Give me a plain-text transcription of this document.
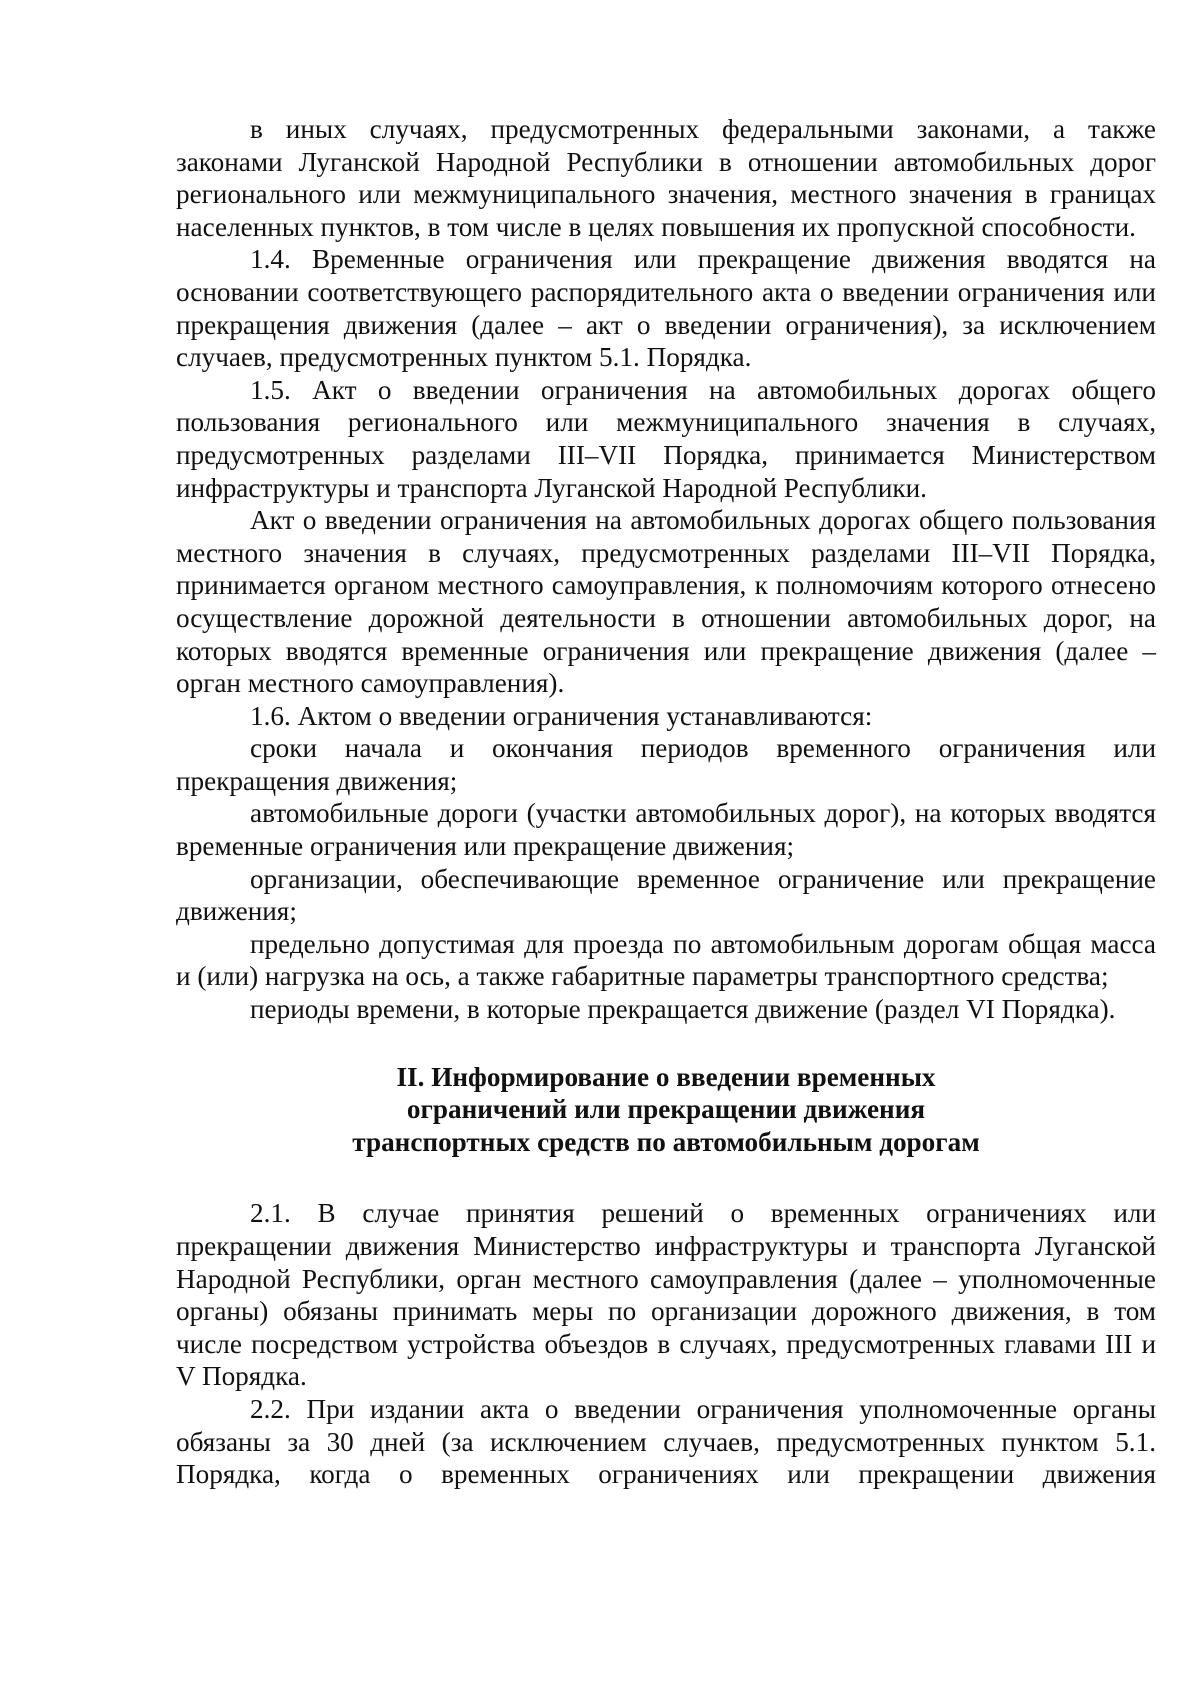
в иных случаях, предусмотренных федеральными законами, а также законами Луганской Народной Республики в отношении автомобильных дорог регионального или межмуниципального значения, местного значения в границах населенных пунктов, в том числе в целях повышения их пропускной способности.

1.4. Временные ограничения или прекращение движения вводятся на основании соответствующего распорядительного акта о введении ограничения или прекращения движения (далее – акт о введении ограничения), за исключением случаев, предусмотренных пунктом 5.1. Порядка.

1.5. Акт о введении ограничения на автомобильных дорогах общего пользования регионального или межмуниципального значения в случаях, предусмотренных разделами III–VII Порядка, принимается Министерством инфраструктуры и транспорта Луганской Народной Республики.

Акт о введении ограничения на автомобильных дорогах общего пользования местного значения в случаях, предусмотренных разделами III–VII Порядка, принимается органом местного самоуправления, к полномочиям которого отнесено осуществление дорожной деятельности в отношении автомобильных дорог, на которых вводятся временные ограничения или прекращение движения (далее – орган местного самоуправления).

1.6. Актом о введении ограничения устанавливаются:

сроки начала и окончания периодов временного ограничения или прекращения движения;

автомобильные дороги (участки автомобильных дорог), на которых вводятся временные ограничения или прекращение движения;

организации, обеспечивающие временное ограничение или прекращение движения;

предельно допустимая для проезда по автомобильным дорогам общая масса и (или) нагрузка на ось, а также габаритные параметры транспортного средства;

периоды времени, в которые прекращается движение (раздел VI Порядка).

II. Информирование о введении временных
ограничений или прекращении движения
транспортных средств по автомобильным дорогам

2.1. В случае принятия решений о временных ограничениях или прекращении движения Министерство инфраструктуры и транспорта Луганской Народной Республики, орган местного самоуправления (далее – уполномоченные органы) обязаны принимать меры по организации дорожного движения, в том числе посредством устройства объездов в случаях, предусмотренных главами III и V Порядка.

2.2. При издании акта о введении ограничения уполномоченные органы обязаны за 30 дней (за исключением случаев, предусмотренных пунктом 5.1. Порядка, когда о временных ограничениях или прекращении движения
